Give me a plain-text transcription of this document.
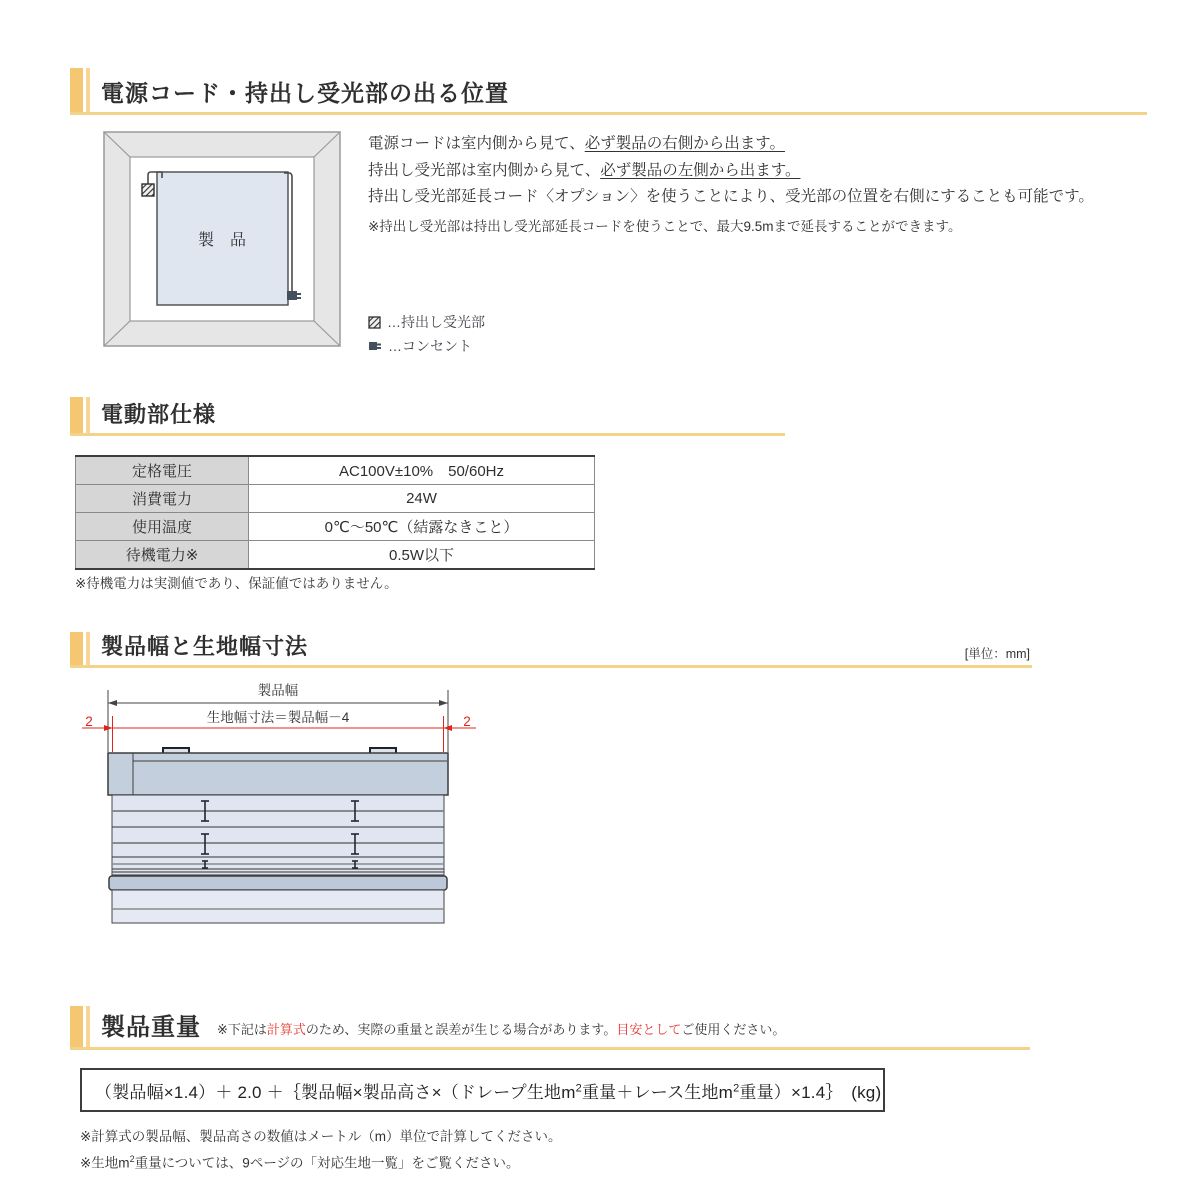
電源コード・持出し受光部の出る位置
製　品
電源コードは室内側から見て、必ず製品の右側から出ます。
持出し受光部は室内側から見て、必ず製品の左側から出ます。
持出し受光部延長コード〈オプション〉を使うことにより、受光部の位置を右側にすることも可能です。
※持出し受光部は持出し受光部延長コードを使うことで、最大9.5mまで延長することができます。
…持出し受光部
…コンセント
電動部仕様
定格電圧	AC100V±10%　50/60Hz
消費電力	24W
使用温度	0℃～50℃（結露なきこと）
待機電力※	0.5W以下
※待機電力は実測値であり、保証値ではありません。
製品幅と生地幅寸法	[単位：mm]
製品幅
生地幅寸法＝製品幅－4
2	2
製品重量 ※下記は計算式のため、実際の重量と誤差が生じる場合があります。目安としてご使用ください。
（製品幅×1.4）＋ 2.0 ＋｛製品幅×製品高さ×（ドレープ生地$m^2$重量＋レース生地$m^2$重量）×1.4｝　(kg)
※計算式の製品幅、製品高さの数値はメートル（m）単位で計算してください。
※生地$m^2$重量については、9ページの「対応生地一覧」をご覧ください。
